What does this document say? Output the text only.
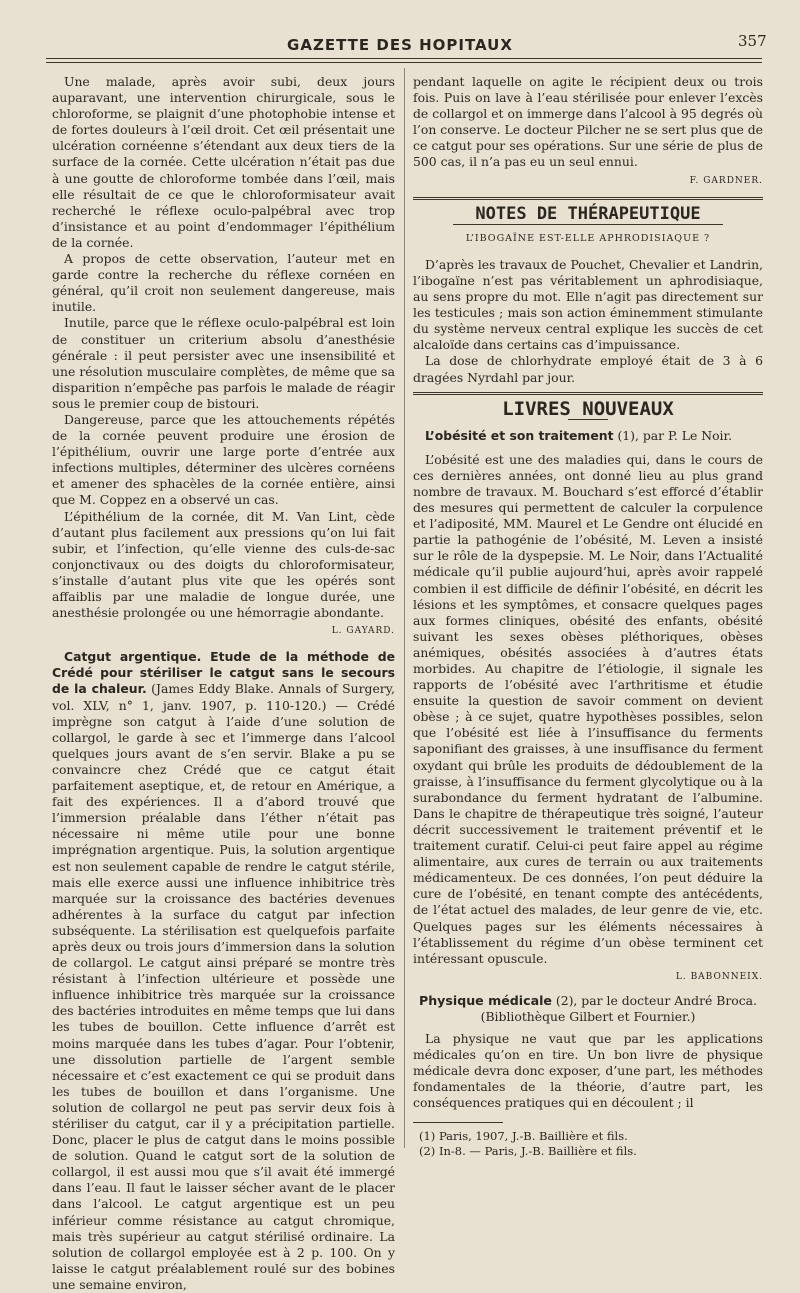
GAZETTE DES HOPITAUX	357

Une malade, après avoir subi, deux jours auparavant, une intervention chirurgicale, sous le chloroforme, se plaignit d’une photophobie intense et de fortes douleurs à l’œil droit. Cet œil présentait une ulcération cornéenne s’étendant aux deux tiers de la surface de la cornée. Cette ulcération n’était pas due à une goutte de chloroforme tombée dans l’œil, mais elle résultait de ce que le chloroformisateur avait recherché le réflexe oculo-palpébral avec trop d’insistance et au point d’endommager l’épithélium de la cornée.

A propos de cette observation, l’auteur met en garde contre la recherche du réflexe cornéen en général, qu’il croit non seulement dangereuse, mais inutile.

Inutile, parce que le réflexe oculo-palpébral est loin de constituer un criterium absolu d’anesthésie générale : il peut persister avec une insensibilité et une résolution musculaire complètes, de même que sa disparition n’empêche pas parfois le malade de réagir sous le premier coup de bistouri.

Dangereuse, parce que les attouchements répétés de la cornée peuvent produire une érosion de l’épithélium, ouvrir une large porte d’entrée aux infections multiples, déterminer des ulcères cornéens et amener des sphacèles de la cornée entière, ainsi que M. Coppez en a observé un cas.

L’épithélium de la cornée, dit M. Van Lint, cède d’autant plus facilement aux pressions qu’on lui fait subir, et l’infection, qu’elle vienne des culs-de-sac conjonctivaux ou des doigts du chloroformisateur, s’installe d’autant plus vite que les opérés sont affaiblis par une maladie de longue durée, une anesthésie prolongée ou une hémorragie abondante.

L. GAYARD.

Catgut argentique. Etude de la méthode de Crédé pour stériliser le catgut sans le secours de la chaleur. (James Eddy Blake. Annals of Surgery, vol. XLV, n° 1, janv. 1907, p. 110-120.) — Crédé imprègne son catgut à l’aide d’une solution de collargol, le garde à sec et l’immerge dans l’alcool quelques jours avant de s’en servir. Blake a pu se convaincre chez Crédé que ce catgut était parfaitement aseptique, et, de retour en Amérique, a fait des expériences. Il a d’abord trouvé que l’immersion préalable dans l’éther n’était pas nécessaire ni même utile pour une bonne imprégnation argentique. Puis, la solution argentique est non seulement capable de rendre le catgut stérile, mais elle exerce aussi une influence inhibitrice très marquée sur la croissance des bactéries devenues adhérentes à la surface du catgut par infection subséquente. La stérilisation est quelquefois parfaite après deux ou trois jours d’immersion dans la solution de collargol. Le catgut ainsi préparé se montre très résistant à l’infection ultérieure et possède une influence inhibitrice très marquée sur la croissance des bactéries introduites en même temps que lui dans les tubes de bouillon. Cette influence d’arrêt est moins marquée dans les tubes d’agar. Pour l’obtenir, une dissolution partielle de l’argent semble nécessaire et c’est exactement ce qui se produit dans les tubes de bouillon et dans l’organisme. Une solution de collargol ne peut pas servir deux fois à stériliser du catgut, car il y a précipitation partielle. Donc, placer le plus de catgut dans le moins possible de solution. Quand le catgut sort de la solution de collargol, il est aussi mou que s’il avait été immergé dans l’eau. Il faut le laisser sécher avant de le placer dans l’alcool. Le catgut argentique est un peu inférieur comme résistance au catgut chromique, mais très supérieur au catgut stérilisé ordinaire. La solution de collargol employée est à 2 p. 100. On y laisse le catgut préalablement roulé sur des bobines une semaine environ,

pendant laquelle on agite le récipient deux ou trois fois. Puis on lave à l’eau stérilisée pour enlever l’excès de collargol et on immerge dans l’alcool à 95 degrés où l’on conserve. Le docteur Pilcher ne se sert plus que de ce catgut pour ses opérations. Sur une série de plus de 500 cas, il n’a pas eu un seul ennui.

F. GARDNER.

NOTES DE THÉRAPEUTIQUE
L’IBOGAÏNE EST-ELLE APHRODISIAQUE ?

D’après les travaux de Pouchet, Chevalier et Landrin, l’ibogaïne n’est pas véritablement un aphrodisiaque, au sens propre du mot. Elle n’agit pas directement sur les testicules ; mais son action éminemment stimulante du système nerveux central explique les succès de cet alcaloïde dans certains cas d’impuissance.

La dose de chlorhydrate employé était de 3 à 6 dragées Nyrdahl par jour.

LIVRES NOUVEAUX

L’obésité et son traitement (1), par P. Le Noir.

L’obésité est une des maladies qui, dans le cours de ces dernières années, ont donné lieu au plus grand nombre de travaux. M. Bouchard s’est efforcé d’établir des mesures qui permettent de calculer la corpulence et l’adiposité, MM. Maurel et Le Gendre ont élucidé en partie la pathogénie de l’obésité, M. Leven a insisté sur le rôle de la dyspepsie. M. Le Noir, dans l’Actualité médicale qu’il publie aujourd’hui, après avoir rappelé combien il est difficile de définir l’obésité, en décrit les lésions et les symptômes, et consacre quelques pages aux formes cliniques, obésité des enfants, obésité suivant les sexes obèses pléthoriques, obèses anémiques, obésités associées à d’autres états morbides. Au chapitre de l’étiologie, il signale les rapports de l’obésité avec l’arthritisme et étudie ensuite la question de savoir comment on devient obèse ; à ce sujet, quatre hypothèses possibles, selon que l’obésité est liée à l’insuffisance du ferments saponifiant des graisses, à une insuffisance du ferment oxydant qui brûle les produits de dédoublement de la graisse, à l’insuffisance du ferment glycolytique ou à la surabondance du ferment hydratant de l’albumine. Dans le chapitre de thérapeutique très soigné, l’auteur décrit successivement le traitement préventif et le traitement curatif. Celui-ci peut faire appel au régime alimentaire, aux cures de terrain ou aux traitements médicamenteux. De ces données, l’on peut déduire la cure de l’obésité, en tenant compte des antécédents, de l’état actuel des malades, de leur genre de vie, etc. Quelques pages sur les éléments nécessaires à l’établissement du régime d’un obèse terminent cet intéressant opuscule.

L. BABONNEIX.

Physique médicale (2), par le docteur André Broca.
(Bibliothèque Gilbert et Fournier.)

La physique ne vaut que par les applications médicales qu’on en tire. Un bon livre de physique médicale devra donc exposer, d’une part, les méthodes fondamentales de la théorie, d’autre part, les conséquences pratiques qui en découlent ; il

(1) Paris, 1907, J.-B. Baillière et fils.

(2) In-8. — Paris, J.-B. Baillière et fils.
